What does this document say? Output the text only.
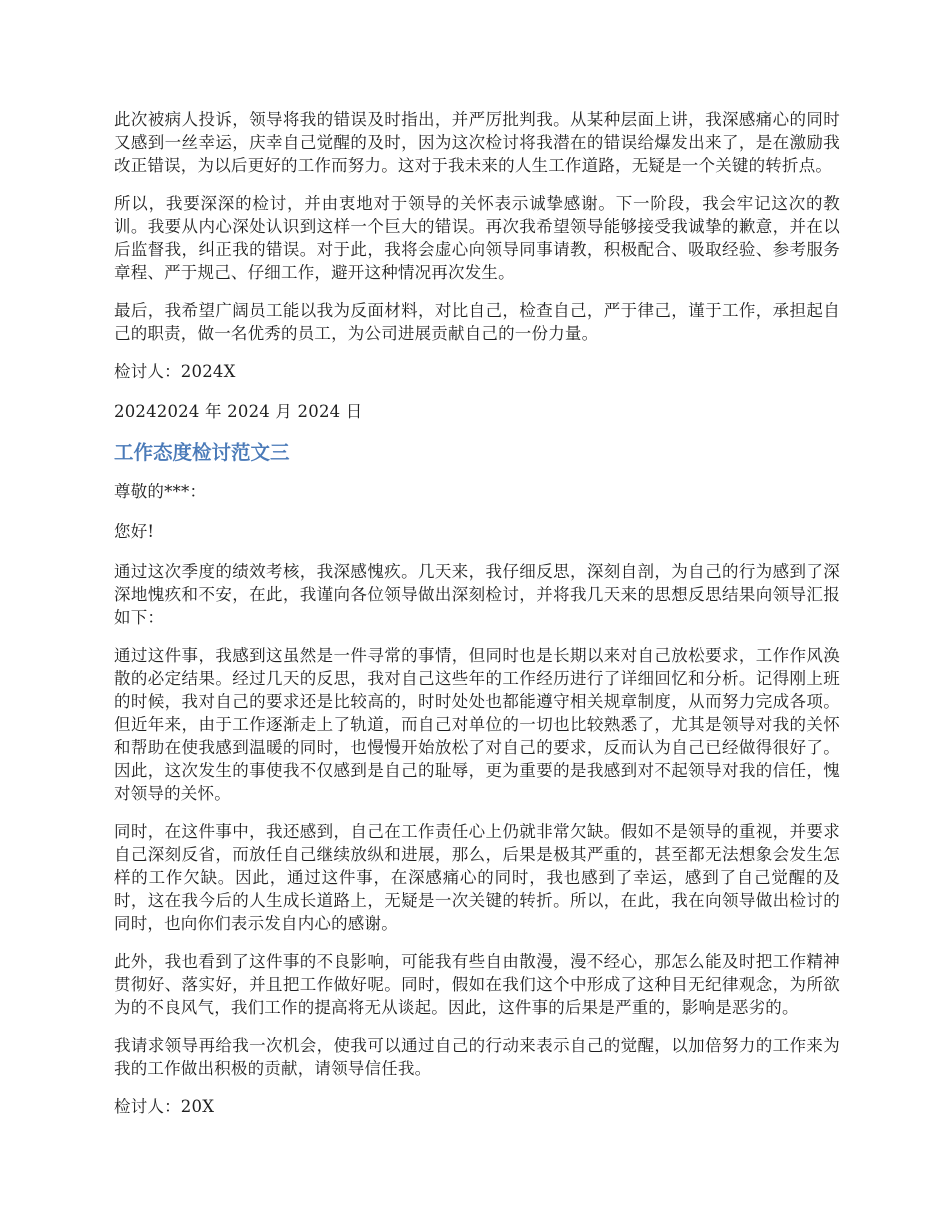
此次被病人投诉，领导将我的错误及时指出，并严厉批判我。从某种层面上讲，我深感痛心的同时又感到一丝幸运，庆幸自己觉醒的及时，因为这次检讨将我潜在的错误给爆发出来了，是在激励我改正错误，为以后更好的工作而努力。这对于我未来的人生工作道路，无疑是一个关键的转折点。

所以，我要深深的检讨，并由衷地对于领导的关怀表示诚挚感谢。下一阶段，我会牢记这次的教训。我要从内心深处认识到这样一个巨大的错误。再次我希望领导能够接受我诚挚的歉意，并在以后监督我，纠正我的错误。对于此，我将会虚心向领导同事请教，积极配合、吸取经验、参考服务章程、严于规己、仔细工作，避开这种情况再次发生。

最后，我希望广阔员工能以我为反面材料，对比自己，检查自己，严于律己，谨于工作，承担起自己的职责，做一名优秀的员工，为公司进展贡献自己的一份力量。

检讨人：2024X

20242024 年 2024 月 2024 日

工作态度检讨范文三

尊敬的***：

您好!

通过这次季度的绩效考核，我深感愧疚。几天来，我仔细反思，深刻自剖，为自己的行为感到了深深地愧疚和不安，在此，我谨向各位领导做出深刻检讨，并将我几天来的思想反思结果向领导汇报如下：

通过这件事，我感到这虽然是一件寻常的事情，但同时也是长期以来对自己放松要求，工作作风涣散的必定结果。经过几天的反思，我对自己这些年的工作经历进行了详细回忆和分析。记得刚上班的时候，我对自己的要求还是比较高的，时时处处也都能遵守相关规章制度，从而努力完成各项。但近年来，由于工作逐渐走上了轨道，而自己对单位的一切也比较熟悉了，尤其是领导对我的关怀和帮助在使我感到温暖的同时，也慢慢开始放松了对自己的要求，反而认为自己已经做得很好了。因此，这次发生的事使我不仅感到是自己的耻辱，更为重要的是我感到对不起领导对我的信任，愧对领导的关怀。

同时，在这件事中，我还感到，自己在工作责任心上仍就非常欠缺。假如不是领导的重视，并要求自己深刻反省，而放任自己继续放纵和进展，那么，后果是极其严重的，甚至都无法想象会发生怎样的工作欠缺。因此，通过这件事，在深感痛心的同时，我也感到了幸运，感到了自己觉醒的及时，这在我今后的人生成长道路上，无疑是一次关键的转折。所以，在此，我在向领导做出检讨的同时，也向你们表示发自内心的感谢。

此外，我也看到了这件事的不良影响，可能我有些自由散漫，漫不经心，那怎么能及时把工作精神贯彻好、落实好，并且把工作做好呢。同时，假如在我们这个中形成了这种目无纪律观念，为所欲为的不良风气，我们工作的提高将无从谈起。因此，这件事的后果是严重的，影响是恶劣的。

我请求领导再给我一次机会，使我可以通过自己的行动来表示自己的觉醒，以加倍努力的工作来为我的工作做出积极的贡献，请领导信任我。

检讨人：20X
